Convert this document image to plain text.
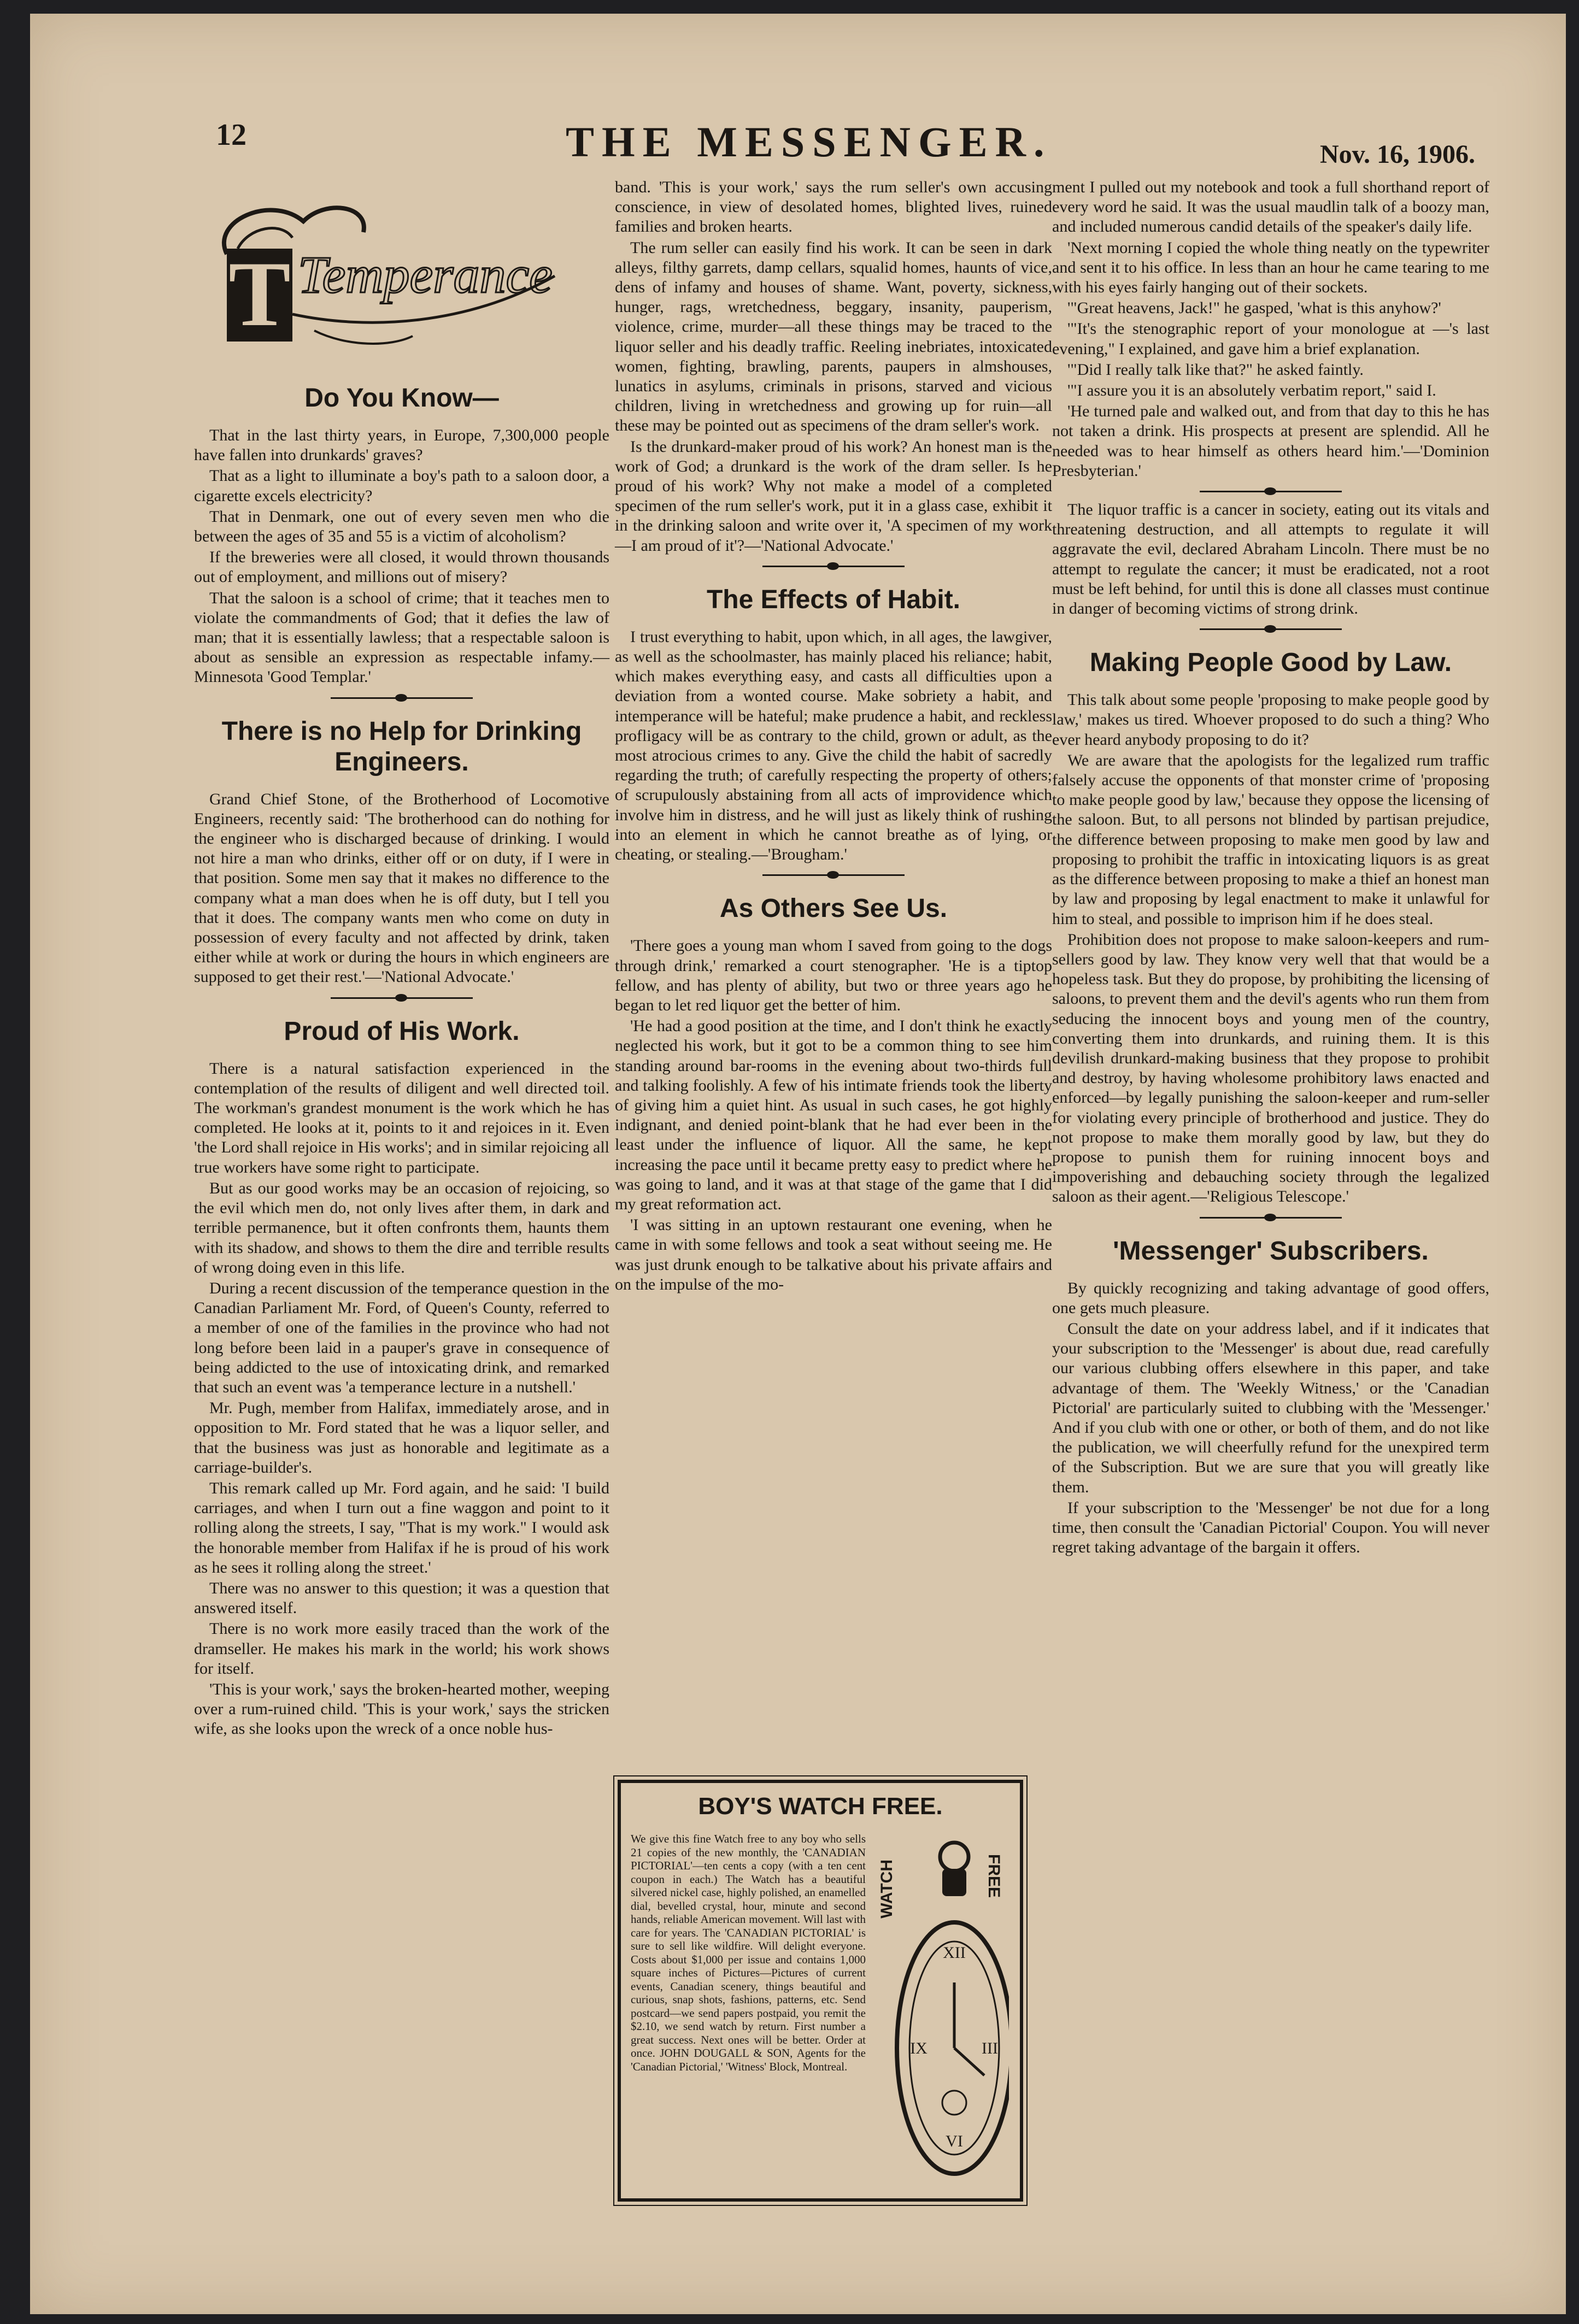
12	THE MESSENGER.	Nov. 16, 1906.
T Temperance
Do You Know—

That in the last thirty years, in Europe, 7,300,000 people have fallen into drunkards' graves?

That as a light to illuminate a boy's path to a saloon door, a cigarette excels electricity?

That in Denmark, one out of every seven men who die between the ages of 35 and 55 is a victim of alcoholism?

If the breweries were all closed, it would thrown thousands out of employment, and millions out of misery?

That the saloon is a school of crime; that it teaches men to violate the commandments of God; that it defies the law of man; that it is essentially lawless; that a respectable saloon is about as sensible an expression as respectable infamy.—Minnesota 'Good Templar.'

There is no Help for Drinking Engineers.

Grand Chief Stone, of the Brotherhood of Locomotive Engineers, recently said: 'The brotherhood can do nothing for the engineer who is discharged because of drinking. I would not hire a man who drinks, either off or on duty, if I were in that position. Some men say that it makes no difference to the company what a man does when he is off duty, but I tell you that it does. The company wants men who come on duty in possession of every faculty and not affected by drink, taken either while at work or during the hours in which engineers are supposed to get their rest.'—'National Advocate.'

Proud of His Work.

There is a natural satisfaction experienced in the contemplation of the results of diligent and well directed toil. The workman's grandest monument is the work which he has completed. He looks at it, points to it and rejoices in it. Even 'the Lord shall rejoice in His works'; and in similar rejoicing all true workers have some right to participate.

But as our good works may be an occasion of rejoicing, so the evil which men do, not only lives after them, in dark and terrible permanence, but it often confronts them, haunts them with its shadow, and shows to them the dire and terrible results of wrong doing even in this life.

During a recent discussion of the temperance question in the Canadian Parliament Mr. Ford, of Queen's County, referred to a member of one of the families in the province who had not long before been laid in a pauper's grave in consequence of being addicted to the use of intoxicating drink, and remarked that such an event was 'a temperance lecture in a nutshell.'

Mr. Pugh, member from Halifax, immediately arose, and in opposition to Mr. Ford stated that he was a liquor seller, and that the business was just as honorable and legitimate as a carriage-builder's.

This remark called up Mr. Ford again, and he said: 'I build carriages, and when I turn out a fine waggon and point to it rolling along the streets, I say, "That is my work." I would ask the honorable member from Halifax if he is proud of his work as he sees it rolling along the street.'

There was no answer to this question; it was a question that answered itself.

There is no work more easily traced than the work of the dramseller. He makes his mark in the world; his work shows for itself.

'This is your work,' says the broken-hearted mother, weeping over a rum-ruined child. 'This is your work,' says the stricken wife, as she looks upon the wreck of a once noble hus-

band. 'This is your work,' says the rum seller's own accusing conscience, in view of desolated homes, blighted lives, ruined families and broken hearts.

The rum seller can easily find his work. It can be seen in dark alleys, filthy garrets, damp cellars, squalid homes, haunts of vice, dens of infamy and houses of shame. Want, poverty, sickness, hunger, rags, wretchedness, beggary, insanity, pauperism, violence, crime, murder—all these things may be traced to the liquor seller and his deadly traffic. Reeling inebriates, intoxicated women, fighting, brawling, parents, paupers in almshouses, lunatics in asylums, criminals in prisons, starved and vicious children, living in wretchedness and growing up for ruin—all these may be pointed out as specimens of the dram seller's work.

Is the drunkard-maker proud of his work? An honest man is the work of God; a drunkard is the work of the dram seller. Is he proud of his work? Why not make a model of a completed specimen of the rum seller's work, put it in a glass case, exhibit it in the drinking saloon and write over it, 'A specimen of my work—I am proud of it'?—'National Advocate.'

The Effects of Habit.

I trust everything to habit, upon which, in all ages, the lawgiver, as well as the schoolmaster, has mainly placed his reliance; habit, which makes everything easy, and casts all difficulties upon a deviation from a wonted course. Make sobriety a habit, and intemperance will be hateful; make prudence a habit, and reckless profligacy will be as contrary to the child, grown or adult, as the most atrocious crimes to any. Give the child the habit of sacredly regarding the truth; of carefully respecting the property of others; of scrupulously abstaining from all acts of improvidence which involve him in distress, and he will just as likely think of rushing into an element in which he cannot breathe as of lying, or cheating, or stealing.—'Brougham.'

As Others See Us.

'There goes a young man whom I saved from going to the dogs through drink,' remarked a court stenographer. 'He is a tiptop fellow, and has plenty of ability, but two or three years ago he began to let red liquor get the better of him.

'He had a good position at the time, and I don't think he exactly neglected his work, but it got to be a common thing to see him standing around bar-rooms in the evening about two-thirds full and talking foolishly. A few of his intimate friends took the liberty of giving him a quiet hint. As usual in such cases, he got highly indignant, and denied point-blank that he had ever been in the least under the influence of liquor. All the same, he kept increasing the pace until it became pretty easy to predict where he was going to land, and it was at that stage of the game that I did my great reformation act.

'I was sitting in an uptown restaurant one evening, when he came in with some fellows and took a seat without seeing me. He was just drunk enough to be talkative about his private affairs and on the impulse of the mo-

ment I pulled out my notebook and took a full shorthand report of every word he said. It was the usual maudlin talk of a boozy man, and included numerous candid details of the speaker's daily life.

'Next morning I copied the whole thing neatly on the typewriter and sent it to his office. In less than an hour he came tearing to me with his eyes fairly hanging out of their sockets.

'"Great heavens, Jack!" he gasped, 'what is this anyhow?'

'"It's the stenographic report of your monologue at —'s last evening," I explained, and gave him a brief explanation.

'"Did I really talk like that?" he asked faintly.

'"I assure you it is an absolutely verbatim report," said I.

'He turned pale and walked out, and from that day to this he has not taken a drink. His prospects at present are splendid. All he needed was to hear himself as others heard him.'—'Dominion Presbyterian.'

The liquor traffic is a cancer in society, eating out its vitals and threatening destruction, and all attempts to regulate it will aggravate the evil, declared Abraham Lincoln. There must be no attempt to regulate the cancer; it must be eradicated, not a root must be left behind, for until this is done all classes must continue in danger of becoming victims of strong drink.

Making People Good by Law.

This talk about some people 'proposing to make people good by law,' makes us tired. Whoever proposed to do such a thing? Who ever heard anybody proposing to do it?

We are aware that the apologists for the legalized rum traffic falsely accuse the opponents of that monster crime of 'proposing to make people good by law,' because they oppose the licensing of the saloon. But, to all persons not blinded by partisan prejudice, the difference between proposing to make men good by law and proposing to prohibit the traffic in intoxicating liquors is as great as the difference between proposing to make a thief an honest man by law and proposing by legal enactment to make it unlawful for him to steal, and possible to imprison him if he does steal.

Prohibition does not propose to make saloon-keepers and rum-sellers good by law. They know very well that that would be a hopeless task. But they do propose, by prohibiting the licensing of saloons, to prevent them and the devil's agents who run them from seducing the innocent boys and young men of the country, converting them into drunkards, and ruining them. It is this devilish drunkard-making business that they propose to prohibit and destroy, by having wholesome prohibitory laws enacted and enforced—by legally punishing the saloon-keeper and rum-seller for violating every principle of brotherhood and justice. They do not propose to make them morally good by law, but they do propose to punish them for ruining innocent boys and impoverishing and debauching society through the legalized saloon as their agent.—'Religious Telescope.'

'Messenger' Subscribers.

By quickly recognizing and taking advantage of good offers, one gets much pleasure.

Consult the date on your address label, and if it indicates that your subscription to the 'Messenger' is about due, read carefully our various clubbing offers elsewhere in this paper, and take advantage of them. The 'Weekly Witness,' or the 'Canadian Pictorial' are particularly suited to clubbing with the 'Messenger.' And if you club with one or other, or both of them, and do not like the publication, we will cheerfully refund for the unexpired term of the Subscription. But we are sure that you will greatly like them.

If your subscription to the 'Messenger' be not due for a long time, then consult the 'Canadian Pictorial' Coupon. You will never regret taking advantage of the bargain it offers.

BOY'S WATCH FREE.
We give this fine Watch free to any boy who sells 21 copies of the new monthly, the 'CANADIAN PICTORIAL'—ten cents a copy (with a ten cent coupon in each.) The Watch has a beautiful silvered nickel case, highly polished, an enamelled dial, bevelled crystal, hour, minute and second hands, reliable American movement. Will last with care for years. The 'CANADIAN PICTORIAL' is sure to sell like wildfire. Will delight everyone. Costs about $1,000 per issue and contains 1,000 square inches of Pictures—Pictures of current events, Canadian scenery, things beautiful and curious, snap shots, fashions, patterns, etc. Send postcard—we send papers postpaid, you remit the $2.10, we send watch by return. First number a great success. Next ones will be better. Order at once. JOHN DOUGALL & SON, Agents for the 'Canadian Pictorial,' 'Witness' Block, Montreal.
XII
III
VI
IX
WATCH	FREE
